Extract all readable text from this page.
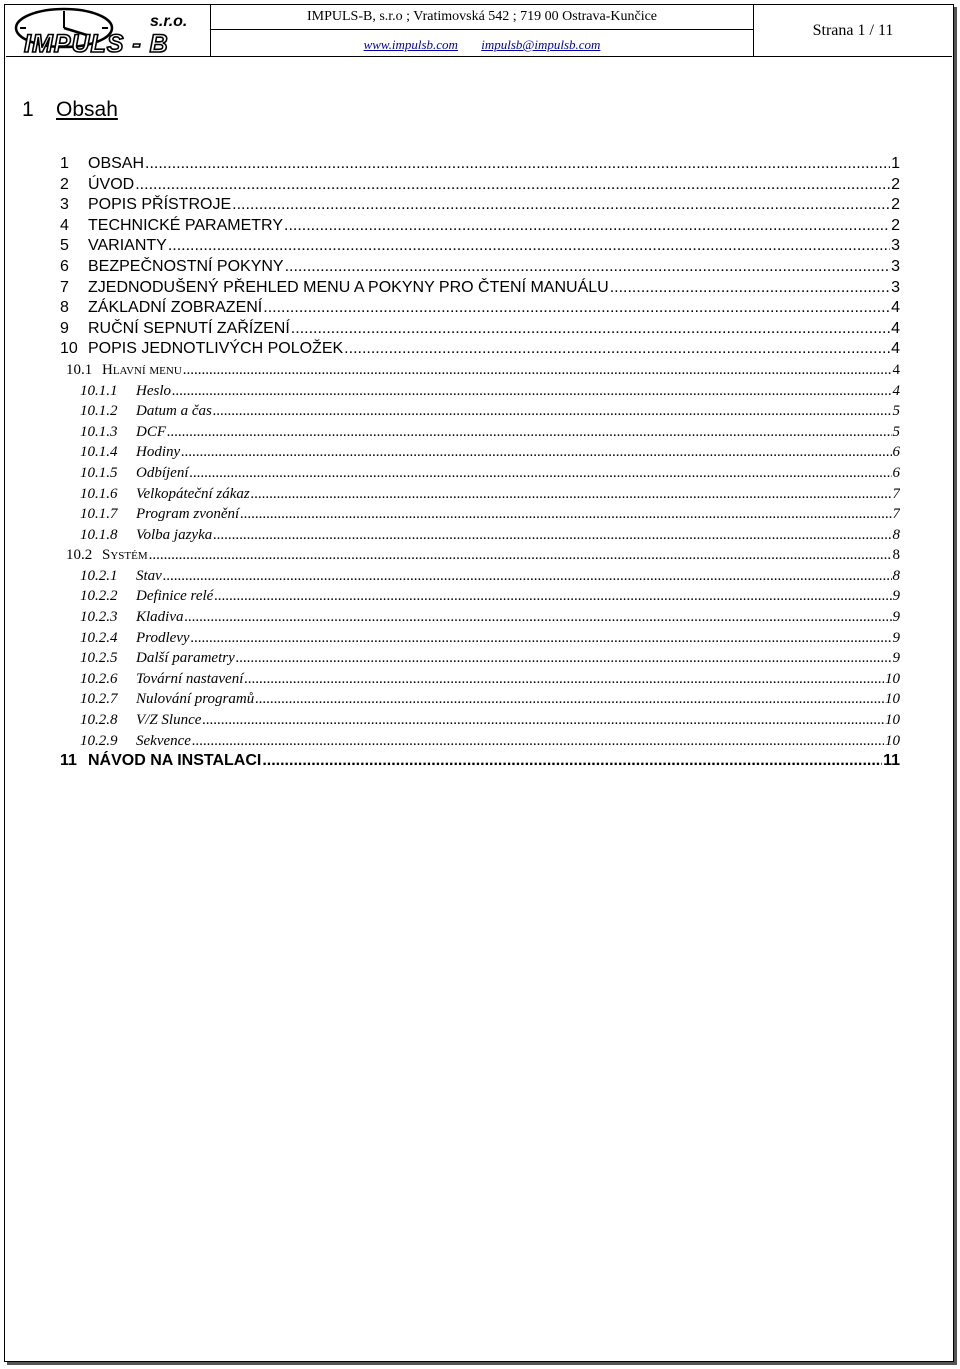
s.r.o.
IMPULS - B
IMPULS-B, s.r.o ; Vratimovská 542 ; 719 00 Ostrava-Kunčice
www.impulsb.com impulsb@impulsb.com
Strana 1 / 11
1 Obsah
1 OBSAH .....	1
2 ÚVOD .....	2
3 POPIS PŘÍSTROJE .....	2
4 TECHNICKÉ PARAMETRY .....	2
5 VARIANTY .....	3
6 BEZPEČNOSTNÍ POKYNY .....	3
7 ZJEDNODUŠENÝ PŘEHLED MENU A POKYNY PRO ČTENÍ MANUÁLU .....	3
8 ZÁKLADNÍ ZOBRAZENÍ .....	4
9 RUČNÍ SEPNUTÍ ZAŘÍZENÍ .....	4
10 POPIS JEDNOTLIVÝCH POLOŽEK .....	4
10.1 Hlavní menu .....	4
10.1.1 Heslo .....	4
10.1.2 Datum a čas .....	5
10.1.3 DCF .....	5
10.1.4 Hodiny .....	6
10.1.5 Odbíjení .....	6
10.1.6 Velkopáteční zákaz .....	7
10.1.7 Program zvonění .....	7
10.1.8 Volba jazyka .....	8
10.2 Systém .....	8
10.2.1 Stav .....	8
10.2.2 Definice relé .....	9
10.2.3 Kladiva .....	9
10.2.4 Prodlevy .....	9
10.2.5 Další parametry .....	9
10.2.6 Tovární nastavení .....	10
10.2.7 Nulování programů .....	10
10.2.8 V/Z Slunce .....	10
10.2.9 Sekvence .....	10
11 NÁVOD NA INSTALACI .....	11
